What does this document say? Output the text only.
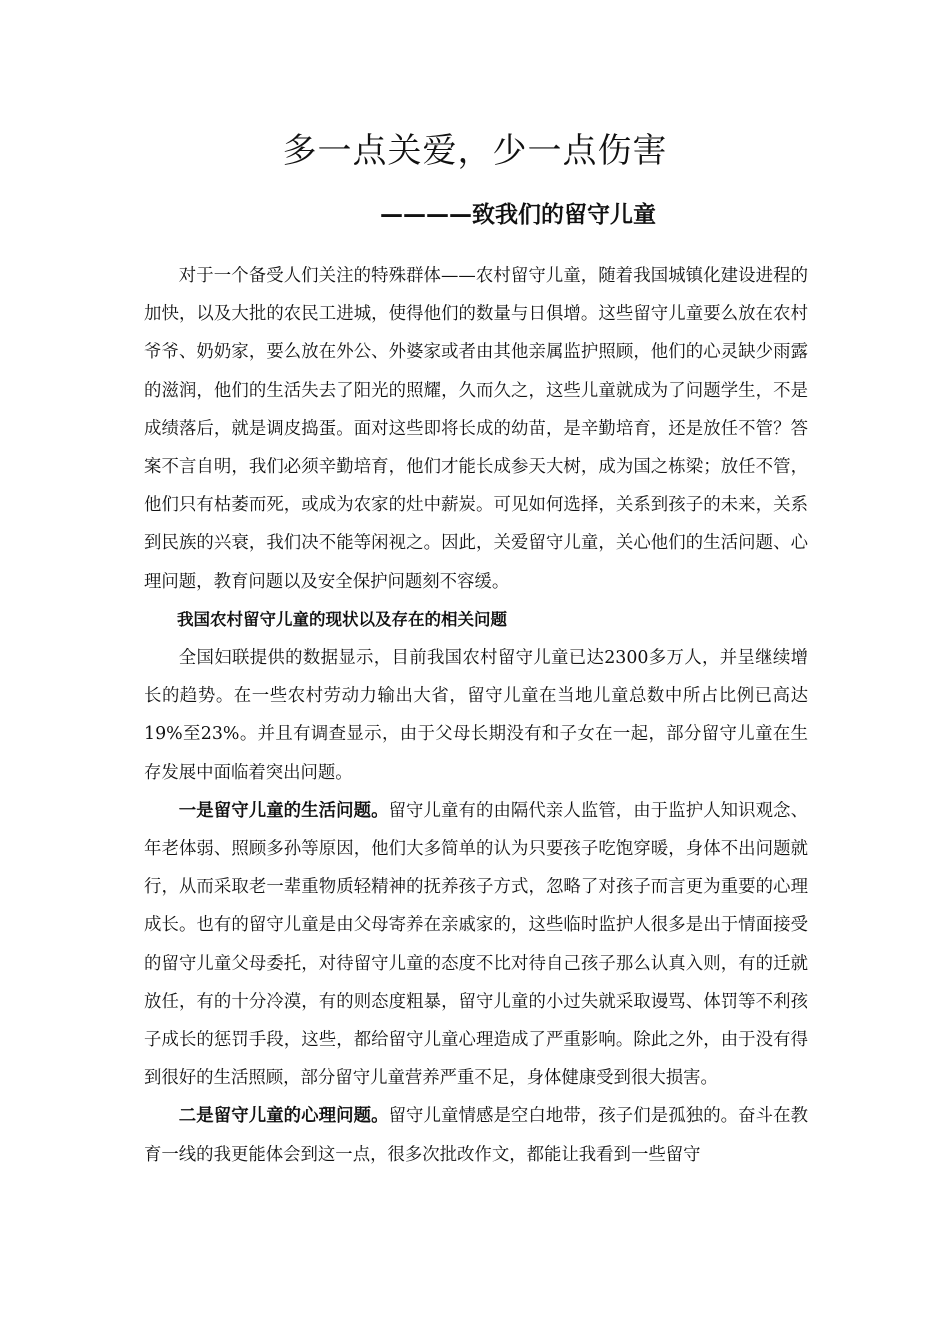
多一点关爱，少一点伤害
————致我们的留守儿童

对于一个备受人们关注的特殊群体——农村留守儿童，随着我国城镇化建设进程的加快，以及大批的农民工进城，使得他们的数量与日俱增。这些留守儿童要么放在农村爷爷、奶奶家，要么放在外公、外婆家或者由其他亲属监护照顾，他们的心灵缺少雨露的滋润，他们的生活失去了阳光的照耀，久而久之，这些儿童就成为了问题学生，不是成绩落后，就是调皮捣蛋。面对这些即将长成的幼苗，是辛勤培育，还是放任不管？答案不言自明，我们必须辛勤培育，他们才能长成参天大树，成为国之栋梁；放任不管，他们只有枯萎而死，或成为农家的灶中薪炭。可见如何选择，关系到孩子的未来，关系到民族的兴衰，我们决不能等闲视之。因此，关爱留守儿童，关心他们的生活问题、心理问题，教育问题以及安全保护问题刻不容缓。

我国农村留守儿童的现状以及存在的相关问题

全国妇联提供的数据显示，目前我国农村留守儿童已达2300多万人，并呈继续增长的趋势。在一些农村劳动力输出大省，留守儿童在当地儿童总数中所占比例已高达19%至23%。并且有调查显示，由于父母长期没有和子女在一起，部分留守儿童在生存发展中面临着突出问题。

一是留守儿童的生活问题。留守儿童有的由隔代亲人监管，由于监护人知识观念、年老体弱、照顾多孙等原因，他们大多简单的认为只要孩子吃饱穿暖，身体不出问题就行，从而采取老一辈重物质轻精神的抚养孩子方式，忽略了对孩子而言更为重要的心理成长。也有的留守儿童是由父母寄养在亲戚家的，这些临时监护人很多是出于情面接受的留守儿童父母委托，对待留守儿童的态度不比对待自己孩子那么认真入则，有的迁就放任，有的十分冷漠，有的则态度粗暴，留守儿童的小过失就采取谩骂、体罚等不利孩子成长的惩罚手段，这些，都给留守儿童心理造成了严重影响。除此之外，由于没有得到很好的生活照顾，部分留守儿童营养严重不足，身体健康受到很大损害。

二是留守儿童的心理问题。留守儿童情感是空白地带，孩子们是孤独的。奋斗在教育一线的我更能体会到这一点，很多次批改作文，都能让我看到一些留守
